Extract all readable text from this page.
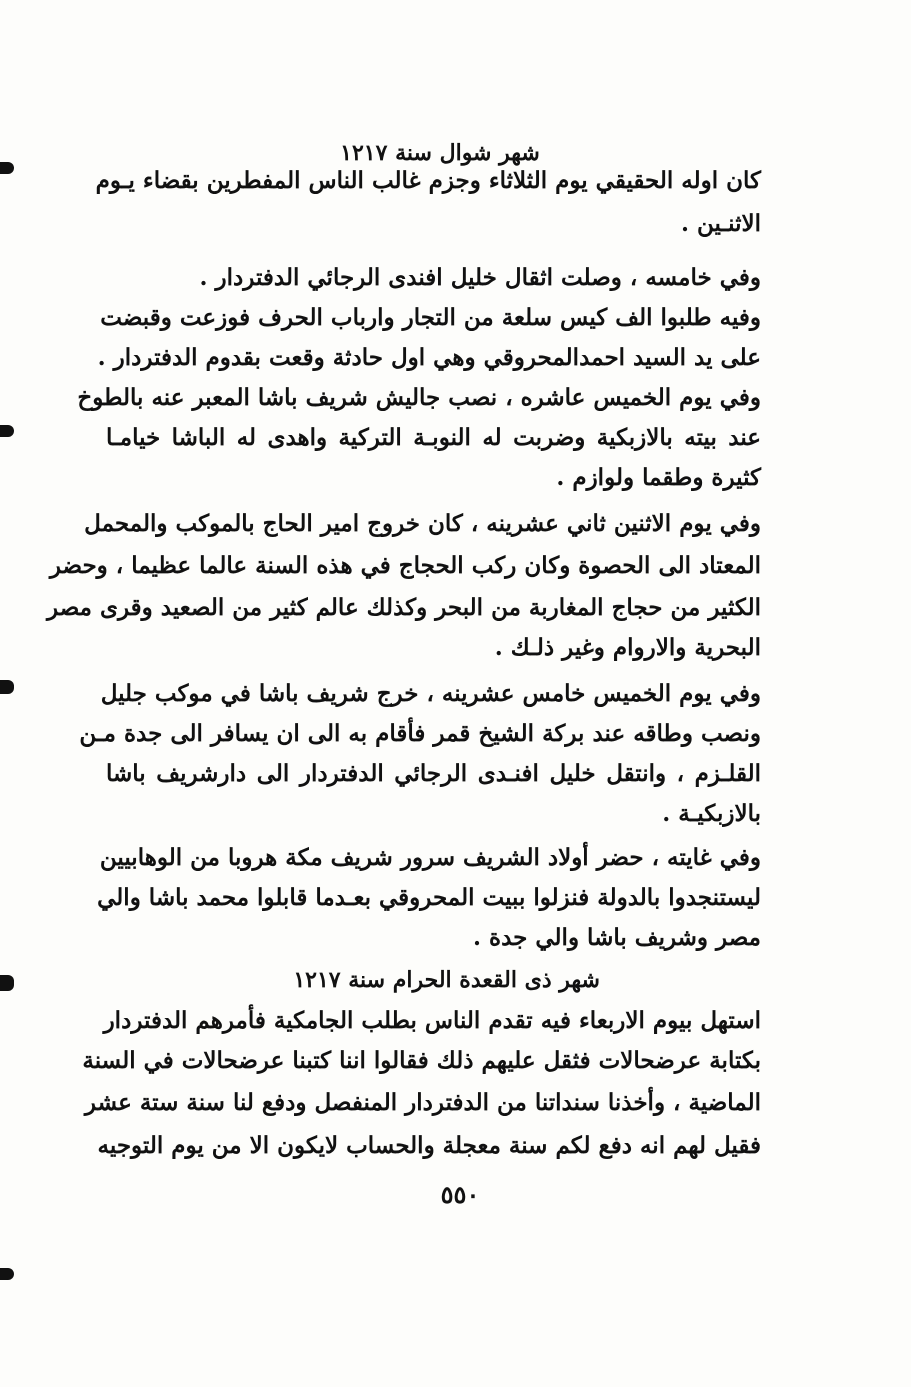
شهر شوال سنة ١٢١٧
كان اوله الحقيقي يوم الثلاثاء وجزم غالب الناس المفطرين بقضاء يـوم
الاثنـين .
وفي خامسه ، وصلت اثقال خليل افندى الرجائي الدفتردار .
وفيه طلبوا الف كيس سلعة من التجار وارباب الحرف فوزعت وقبضت
على يد السيد احمدالمحروقي وهي اول حادثة وقعت بقدوم الدفتردار .
وفي يوم الخميس عاشره ، نصب جاليش شريف باشا المعبر عنه بالطوخ
عند بيته بالازبكية وضربت له النوبـة التركية واهدى له الباشا خيامـا
كثيرة وطقما ولوازم .
وفي يوم الاثنين ثاني عشرينه ، كان خروج امير الحاج بالموكب والمحمل
المعتاد الى الحصوة وكان ركب الحجاج في هذه السنة عالما عظيما ، وحضر
الكثير من حجاج المغاربة من البحر وكذلك عالم كثير من الصعيد وقرى مصر
البحرية والاروام وغير ذلـك .
وفي يوم الخميس خامس عشرينه ، خرج شريف باشا في موكب جليل
ونصب وطاقه عند بركة الشيخ قمر فأقام به الى ان يسافر الى جدة مـن
القلـزم ، وانتقل خليل افنـدى الرجائي الدفتردار الى دارشريف باشا
بالازبكيـة .
وفي غايته ، حضر أولاد الشريف سرور شريف مكة هروبا من الوهابيين
ليستنجدوا بالدولة فنزلوا ببيت المحروقي بعـدما قابلوا محمد باشا والي
مصر وشريف باشا والي جدة .
شهر ذى القعدة الحرام سنة ١٢١٧
استهل بيوم الاربعاء فيه تقدم الناس بطلب الجامكية فأمرهم الدفتردار
بكتابة عرضحالات فثقل عليهم ذلك فقالوا اننا كتبنا عرضحالات في السنة
الماضية ، وأخذنا سنداتنا من الدفتردار المنفصل ودفع لنا سنة ستة عشر
فقيل لهم انه دفع لكم سنة معجلة والحساب لايكون الا من يوم التوجيه
٥٥٠
